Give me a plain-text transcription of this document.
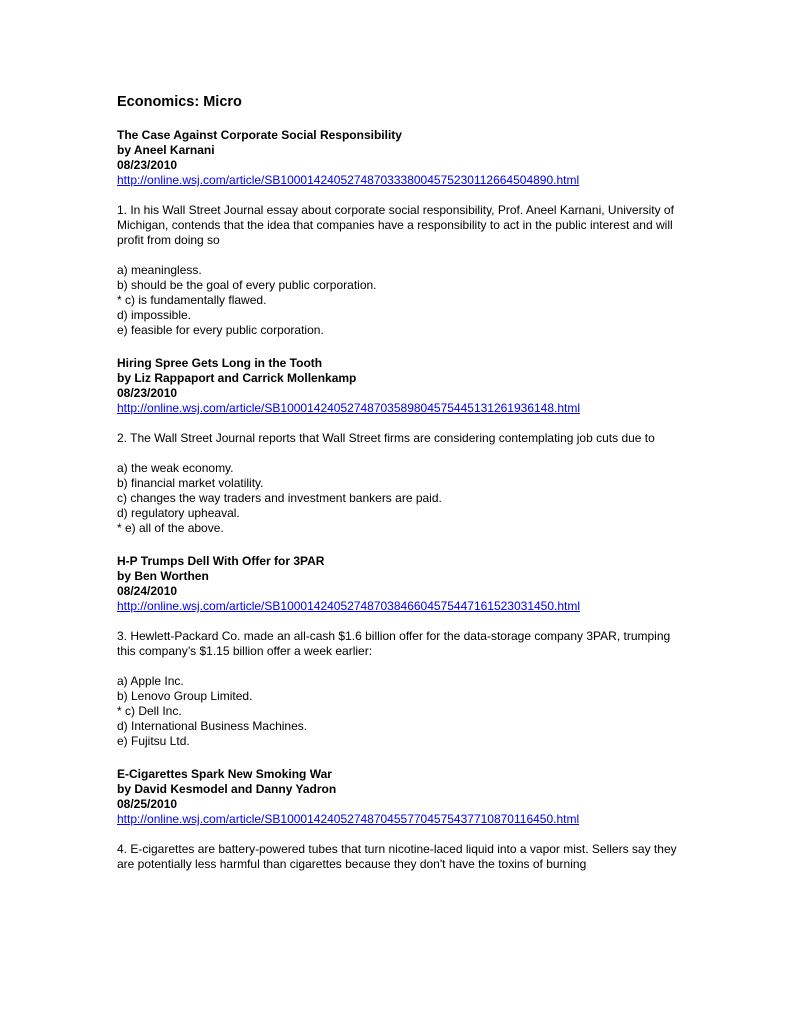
Economics: Micro
The Case Against Corporate Social Responsibility
by Aneel Karnani
08/23/2010
http://online.wsj.com/article/SB10001424052748703338004575230112664504890.html
1. In his Wall Street Journal essay about corporate social responsibility, Prof. Aneel Karnani, University of Michigan, contends that the idea that companies have a responsibility to act in the public interest and will profit from doing so
a) meaningless.
b) should be the goal of every public corporation.
* c) is fundamentally flawed.
d) impossible.
e) feasible for every public corporation.
Hiring Spree Gets Long in the Tooth
by Liz Rappaport and Carrick Mollenkamp
08/23/2010
http://online.wsj.com/article/SB10001424052748703589804575445131261936148.html
2. The Wall Street Journal reports that Wall Street firms are considering contemplating job cuts due to
a) the weak economy.
b) financial market volatility.
c) changes the way traders and investment bankers are paid.
d) regulatory upheaval.
* e) all of the above.
H-P Trumps Dell With Offer for 3PAR
by Ben Worthen
08/24/2010
http://online.wsj.com/article/SB10001424052748703846604575447161523031450.html
3. Hewlett-Packard Co. made an all-cash $1.6 billion offer for the data-storage company 3PAR, trumping this company’s $1.15 billion offer a week earlier:
a) Apple Inc.
b) Lenovo Group Limited.
* c) Dell Inc.
d) International Business Machines.
e) Fujitsu Ltd.
E-Cigarettes Spark New Smoking War
by David Kesmodel and Danny Yadron
08/25/2010
http://online.wsj.com/article/SB10001424052748704557704575437710870116450.html
4. E-cigarettes are battery-powered tubes that turn nicotine-laced liquid into a vapor mist. Sellers say they are potentially less harmful than cigarettes because they don't have the toxins of burning
